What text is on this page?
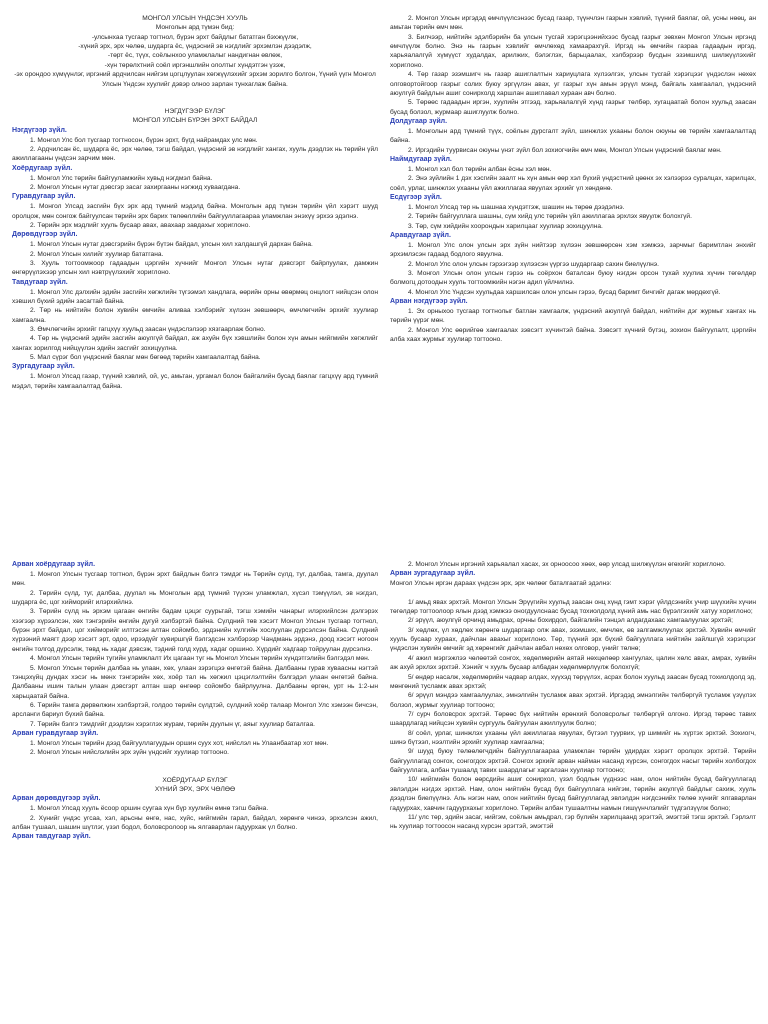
МОНГОЛ УЛСЫН ҮНДСЭН ХУУЛЬ

Монголын ард түмэн бид:

-улсынхаа тусгаар тогтнол, бүрэн эрхт байдлыг бататган бэхжүүлж,

-хүний эрх, эрх чөлөө, шударга ёс, үндэсний эв нэгдлийг эрхэмлэн дээдэлж,

-төрт ёс, түүх, соёлынхоо уламжлалыг нандигнан өвлөж,

-хүн төрөлхтний соёл иргэншлийн ололтыг хүндэтгэн үзэж,

-эх орондоо хүмүүнлэг, иргэний ардчилсан нийгэм цогцлуулан хөгжүүлэхийг эрхэм зорилго болгон, Үүний үүгн Монгол Улсын Үндсэн хуулийг дэвэр олноо зарлан тунхаглаж байна.

НЭГДҮГЭЭР БҮЛЭГ

МОНГОЛ УЛСЫН БҮРЭН ЭРХТ БАЙДАЛ

Нэгдүгээр зүйл.

1. Монгол Улс бол тусгаар тогтносон, бүрэн эрхт, бүгд найрамдах улс мөн.

2. Ардчилсан ёс, шударга ёс, эрх чөлөө, тэгш байдал, үндэсний эв нэгдлийг хангах, хууль дээдлэх нь төрийн үйл ажиллагааны үндсэн зарчим мөн.

Хоёрдугаар зүйл.

1. Монгол Улс төрийн байгууламжийн хувьд нэгдмэл байна.

2. Монгол Улсын нутаг дэвсгэр засаг захиргааны нэгжид хуваагдана.

Гуравдугаар зүйл.

1. Монгол Улсад засгийн бүх эрх ард түмний мэдэлд байна. Монголын ард түмэн төрийн үйл хэрэгт шууд оролцож, мөн сонгож байгуулсан төрийн эрх барих төлөөллийн байгууллагаараа уламжлан энэхүү эрхээ эдэлнэ.

2. Төрийн эрх мэдлийг хууль бусаар авах, авахаар завдахыг хориглоно.

Дөрөвдүгээр зүйл.

1. Монгол Улсын нутаг дэвсгэрийн бүрэн бүтэн байдал, улсын хил халдашгүй дархан байна.

2. Монгол Улсын хилийг хуулиар бататгана.

3. Хууль тогтоомжоор гадаадын цэргийн хүчнийг Монгол Улсын нутаг дэвсгэрт байрлуулах, дамжин өнгөрүүлэхээр улсын хил нэвтрүүлэхийг хориглоно.

Тавдугаар зүйл.

1. Монгол Улс дэлхийн эдийн засгийн хөгжлийн түгээмэл хандлага, өөрийн орны өвөрмөц онцлогт нийцсэн олон хэвшил бүхий эдийн засагтай байна.

2. Төр нь нийтийн болон хувийн өмчийн аливаа хэлбэрийг хүлээн зөвшөөрч, өмчлөгчийн эрхийг хуулиар хамгаална.

3. Өмчлөгчийн эрхийг гагцхүү хуульд заасан үндэслэлээр хязгаарлаж болно.

4. Төр нь үндэсний эдийн засгийн аюулгүй байдал, аж ахуйн бүх хэвшлийн болон хүн амын нийгмийн хөгжлийг хангах зорилгод нийцүүлэн эдийн засгийг зохицуулна.

5. Мал сүрэг бол үндэсний баялаг мөн бөгөөд төрийн хамгаалалтад байна.

Зургадугаар зүйл.

1. Монгол Улсад газар, түүний хэвлий, ой, ус, амьтан, ургамал болон байгалийн бусад баялаг гагцхүү ард түмний мэдэл, төрийн хамгаалалтад байна.

2. Монгол Улсын иргэдэд өмчлүүлсэнээс бусад газар, түүнчлэн газрын хэвлий, түүний баялаг, ой, усны нөөц, ан амьтан төрийн өмч мөн.

3. Билчээр, нийтийн эдэлбэрийн ба улсын тусгай хэрэгцээнийхээс бусад газрыг зөвхөн Монгол Улсын иргэнд өмчлүүлж болно. Энэ нь газрын хэвлийг өмчлөхөд хамаарахгүй. Иргэд нь өмчийн газраа гадаадын иргэд, харьяалалгүй хүмүүст худалдах, арилжих, бэлэглэх, барьцаалах, хэлбэрээр бусдын эзэмшилд шилжүүлэхийг хориглоно.

4. Төр газар эзэмшигч нь газар ашиглалтын хариуцлага хүлээлгэх, улсын тусгай хэрэгцээг үндэслэн нөхөх олговортойгоор газрыг солих буюу эргүүлэн авах, уг газрыг хүн амын эрүүл мэнд, байгаль хамгаалал, үндэсний аюулгүй байдлын ашиг сонирхолд харшлан ашиглавал хураан авч болно.

5. Төрөөс гадаадын иргэн, хуулийн этгээд, харьяалалгүй хүнд газрыг төлбөр, хугацаатай болон хуульд заасан бусад болзол, журмаар ашиглуулж болно.

Долдугаар зүйл.

1. Монголын ард түмний түүх, соёлын дурсгалт зүйл, шинжлэх ухааны болон оюуны өв төрийн хамгаалалтад байна.

2. Иргэдийн туурвисан оюуны үнэт зүйл бол зохиогчийн өмч мөн, Монгол Улсын үндэсний баялаг мөн.

Наймдугаар зүйл.

1. Монгол хэл бол төрийн албан ёсны хэл мөн.

2. Энэ зүйлийн 1 дэх хэсгийн заалт нь хүн амын өөр хэл бүхий үндэстний цөөнх эх хэлээрээ суралцах, харилцах, соёл, урлаг, шинжлэх ухааны үйл ажиллагаа явуулах эрхийг үл хөндөнө.

Есдүгээр зүйл.

1. Монгол Улсад төр нь шашнаа хүндэтгэж, шашин нь төрөө дээдэлнэ.

2. Төрийн байгууллага шашны, сүм хийд улс төрийн үйл ажиллагаа эрхлэх явуулж болохгүй.

3. Төр, сүм хийдийн хоорондын харилцааг хуулиар зохицуулна.

Аравдугаар зүйл.

1. Монгол Улс олон улсын эрх зүйн нийтээр хүлээн зөвшөөрсөн хэм хэмжээ, зарчмыг баримтлан энхийг эрхэмлэсэн гадаад бодлого явуулна.

2. Монгол Улс олон улсын гэрээгээр хүлээсэн үүргээ шударгаар сахин биелүүлнэ.

3. Монгол Улсын олон улсын гэрээ нь соёрхон баталсан буюу нэгдэн орсон тухай хуулиа хүчин төгөлдөр болмогц дотоодын хууль тогтоомжийн нэгэн адил үйлчилнэ.

4. Монгол Улс Үндсэн хуульдаа харшилсан олон улсын гэрээ, бусад баримт бичгийг дагаж мөрдөхгүй.

Арван нэгдүгээр зүйл.

1. Эх орныхоо тусгаар тогтнолыг батлан хамгаалж, үндэсний аюулгүй байдал, нийтийн дэг журмыг хангах нь төрийн үүрэг мөн.

2. Монгол Улс өөрийгөө хамгаалах зэвсэгт хүчинтэй байна. Зэвсэгт хүчний бүтэц, зохион байгуулалт, цэргийн алба хаах журмыг хуулиар тогтооно.

Арван хоёрдугаар зүйл.

1. Монгол Улсын тусгаар тогтнол, бүрэн эрхт байдлын бэлгэ тэмдэг нь Төрийн сүлд, туг, далбаа, тамга, дуулал мөн.

2. Төрийн сүлд, туг, далбаа, дуулал нь Монголын ард түмний түүхэн уламжлал, хүсэл тэмүүлэл, эв нэгдэл, шударга ёс, цог хийморийг илэрхийлнэ.

3. Төрийн сүлд нь эрхэм цагаан өнгийн бадам цэцэг суурьтай, тэгш хэмийн чанарыг илэрхийлсэн дэлгэрэх хээгээр хүрээлсэн, хөх тэнгэрийн өнгийн дугуй хэлбэртэй байна. Сүлдний төв хэсэгт Монгол Улсын тусгаар тогтнол, бүрэн эрхт байдал, цог хийморийг илтгэсэн алтан сойомбо, эрдэнийн хүлгийн хослуулан дүрсэлсэн байна. Сүлдний хүрээний маягт дээр хэсэгт эрт, одоо, ирээдүйг хувиршгүй бэлгэдсэн хэлбэрээр Чандмань эрдэнэ, доод хэсэгт ногоон өнгийн толгод дүрсэлж, төвд нь хадаг дэвсэж, тэдний голд хүрд, хадаг оршино. Хүрдийг хадгаар тойруулан дүрсэлнэ.

4. Монгол Улсын төрийн тугийн уламжлалт Их цагаан туг нь Монгол Улсын төрийн хүндэтгэлийн бэлгэдэл мөн.

5. Монгол Улсын төрийн далбаа нь улаан, хөх, улаан зэрэгцээ өнгөтэй байна. Далбааны гурав хуваасны нэгтэй тэнцэхүйц дундах хэсэг нь мөнх тэнгэрийн хөх, хоёр тал нь хөгжил цэцэглэлтийн бэлгэдэл улаан өнгөтэй байна. Далбааны ишин талын улаан дэвсгэрт алтан шар өнгөөр сойомбо байрлуулна. Далбааны өргөн, урт нь 1:2-ын харьцаатай байна.

6. Төрийн тамга дөрвөлжин хэлбэртэй, голдоо төрийн сүлдтэй, сүлдний хоёр талаар Монгол Улс хэмээн бичсэн, арсланги бариул бүхий байна.

7. Төрийн бэлгэ тэмдгийг дээдлэн хэрэглэх журам, төрийн дуулын үг, аяыг хуулиар баталгаа.

Арван гуравдугаар зүйл.

1. Монгол Улсын төрийн дээд байгууллагуудын оршин суух хот, нийслэл нь Улаанбаатар хот мөн.

2. Монгол Улсын нийслэлийн эрх зүйн үндсийг хуулиар тогтооно.

ХОЁРДУГААР БҮЛЭГ

ХҮНИЙ ЭРХ, ЭРХ ЧӨЛӨӨ

Арван дөрөвдүгээр зүйл.

1. Монгол Улсад хууль ёсоор оршин суугаа хүн бүр хуулийн өмнө тэгш байна.

2. Хүнийг үндэс угсаа, хэл, арьсны өнгө, нас, хүйс, нийгмийн гарал, байдал, хөрөнгө чинээ, эрхэлсэн ажил, албан тушаал, шашин шүтлэг, үзэл бодол, боловсролоор нь ялгаварлан гадуурхаж үл болно.

Арван тавдугаар зүйл.

2. Монгол Улсын иргэний харьяалал хасах, эх орноосоо хөөх, өөр улсад шилжүүлэн өгөхийг хориглоно.

Арван зургадугаар зүйл.

Монгол Улсын иргэн дараах үндсэн эрх, эрх чөлөөг баталгаатай эдэлнэ:

1/ амьд явах эрхтэй. Монгол Улсын Эрүүгийн хуульд заасан онц хүнд гэмт хэрэг үйлдсэнийх учир шүүхийн хүчин төгөлдөр тогтоолоор ялын дээд хэмжээ оногдуулснаас бусад тохиолдолд хүний амь нас бүрэлгэхийг хатуу хориглоно;

2/ эрүүл, аюулгүй орчинд амьдрах, орчны бохирдол, байгалийн тэнцэл алдагдахаас хамгаалуулах эрхтэй;

3/ хөдлөх, үл хөдлөх хөрөнгө шударгаар олж авах, эзэмших, өмчлөх, өв залгамжлуулах эрхтэй. Хувийн өмчийг хууль бусаар хураах, дайчлан авахыг хориглоно. Төр, түүний эрх бүхий байгууллага нийтийн зайлшгүй хэрэгцээг үндэслэн хувийн өмчийг эд хөрөнгийг дайчлан авбал нөхөх олговор, үнийг төлнө;

4/ ажил мэргэжлээ чөлөөтэй сонгох, хөдөлмөрийн аятай нөхцөлөөр хангуулах, цалин хөлс авах, амрах, хувийн аж ахуй эрхлэх эрхтэй. Хэнийг ч хууль бусаар албадан хөдөлмөрлүүлж болохгүй;

5/ өндөр насалж, хөдөлмөрийн чадвар алдах, хүүхэд төрүүлэх, асрах болон хуульд заасан бусад тохиолдолд эд, мөнгөний тусламж авах эрхтэй;

6/ эрүүл мэндээ хамгаалуулах, эмнэлгийн тусламж авах эрхтэй. Иргэдэд эмнэлгийн төлбөргүй тусламж үзүүлэх болзол, журмыг хуулиар тогтооно;

7/ сурч боловсрох эрхтэй. Төрөөс бүх нийтийн ерөнхий боловсролыг төлбөргүй олгоно. Иргэд төрөөс тавих шаардлагад нийцсэн хувийн сургууль байгуулан ажиллуулж болно;

8/ соёл, урлаг, шинжлэх ухааны үйл ажиллагаа явуулах, бүтээл туурвих, үр шимийг нь хүртэх эрхтэй. Зохиогч, шинэ бүтээл, нээлтийн эрхийг хуулиар хамгаална;

9/ шууд буюу төлөөлөгчдийн байгууллагаараа уламжлан төрийн удирдах хэрэгт оролцох эрхтэй. Төрийн байгууллагад сонгох, сонгогдох эрхтэй. Сонгох эрхийг арван найман насанд хүрсэн, сонгогдох насыг төрийн холбогдох байгууллага, албан тушаалд тавих шаардлагыг харгалзан хуулиар тогтооно;

10/ нийгмийн болон өөрсдийн ашиг сонирхол, үзэл бодлын үүднээс нам, олон нийтийн бусад байгууллагад эвлэлдэн нэгдэх эрхтэй. Нам, олон нийтийн бусад бүх байгууллага нийгэм, төрийн аюулгүй байдлыг сахиж, хууль дээдлэн биелүүлнэ. Аль нэгэн нам, олон нийтийн бусад байгууллагад эвлэлдэн нэгдсэнийх төлөө хүнийг ялгаварлан гадуурхах, хавчин гадуурхахыг хориглоно. Төрийн албан тушаалтны намын гишүүнчлэлийг түдгэлзүүлж болно;

11/ улс төр, эдийн засаг, нийгэм, соёлын амьдрал, гэр бүлийн харилцаанд эрэгтэй, эмэгтэй тэгш эрхтэй. Гэрлэлт нь хуулиар тогтоосон насанд хүрсэн эрэгтэй, эмэгтэй
